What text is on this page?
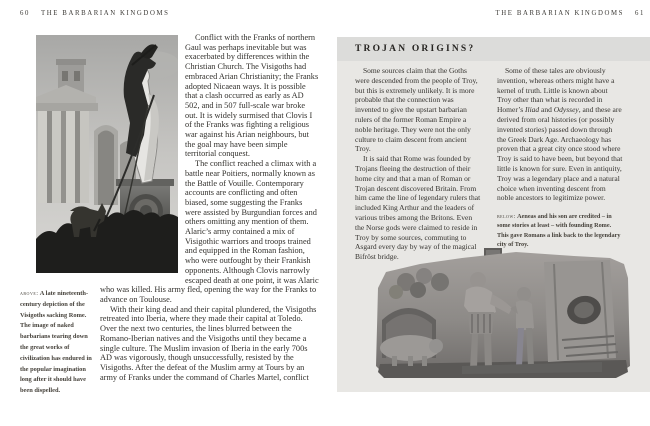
60 THE BARBARIAN KINGDOMS	THE BARBARIAN KINGDOMS 61
above: A late nineteenth-century depiction of the Visigoths sacking Rome. The image of naked barbarians tearing down the great works of civilization has endured in the popular imagination long after it should have been dispelled.

Conflict with the Franks of northern Gaul was perhaps inevitable but was exacerbated by differences within the Christian Church. The Visigoths had embraced Arian Christianity; the Franks adopted Nicaean ways. It is possible that a clash occurred as early as AD 502, and in 507 full-scale war broke out. It is widely surmised that Clovis I of the Franks was fighting a religious war against his Arian neighbours, but the goal may have been simple territorial conquest.

The conflict reached a climax with a battle near Poitiers, normally known as the Battle of Vouille. Contemporary accounts are conflicting and often biased, some suggesting the Franks were assisted by Burgundian forces and others omitting any mention of them. Alaric’s army contained a mix of Visigothic warriors and troops trained and equipped in the Roman fashion, who were outfought by their Frankish opponents. Although Clovis narrowly escaped death at one point, it was Alaric who was killed. His army fled, opening the way for the Franks to advance on Toulouse.

With their king dead and their capital plundered, the Visigoths retreated into Iberia, where they made their capital at Toledo. Over the next two centuries, the lines blurred between the Romano-Iberian natives and the Visigoths until they became a single culture. The Muslim invasion of Iberia in the early 700s AD was vigorously, though unsuccessfully, resisted by the Visigoths. After the defeat of the Muslim army at Tours by an army of Franks under the command of Charles Martel, conflict

TROJAN ORIGINS?

Some sources claim that the Goths were descended from the people of Troy, but this is extremely unlikely. It is more probable that the connection was invented to give the upstart barbarian rulers of the former Roman Empire a noble heritage. They were not the only culture to claim descent from ancient Troy.

It is said that Rome was founded by Trojans fleeing the destruction of their home city and that a man of Roman or Trojan descent discovered Britain. From him came the line of legendary rulers that included King Arthur and the leaders of various tribes among the Britons. Even the Norse gods were claimed to reside in Troy by some sources, commuting to Asgard every day by way of the magical Bifröst bridge.

Some of these tales are obviously invention, whereas others might have a kernel of truth. Little is known about Troy other than what is recorded in Homer’s Iliad and Odyssey, and these are derived from oral histories (or possibly invented stories) passed down through the Greek Dark Age. Archaeology has proven that a great city once stood where Troy is said to have been, but beyond that little is known for sure. Even in antiquity, Troy was a legendary place and a natural choice when inventing descent from noble ancestors to legitimize power.

below: Aeneas and his son are credited – in some stories at least – with founding Rome. This gave Romans a link back to the legendary city of Troy.
